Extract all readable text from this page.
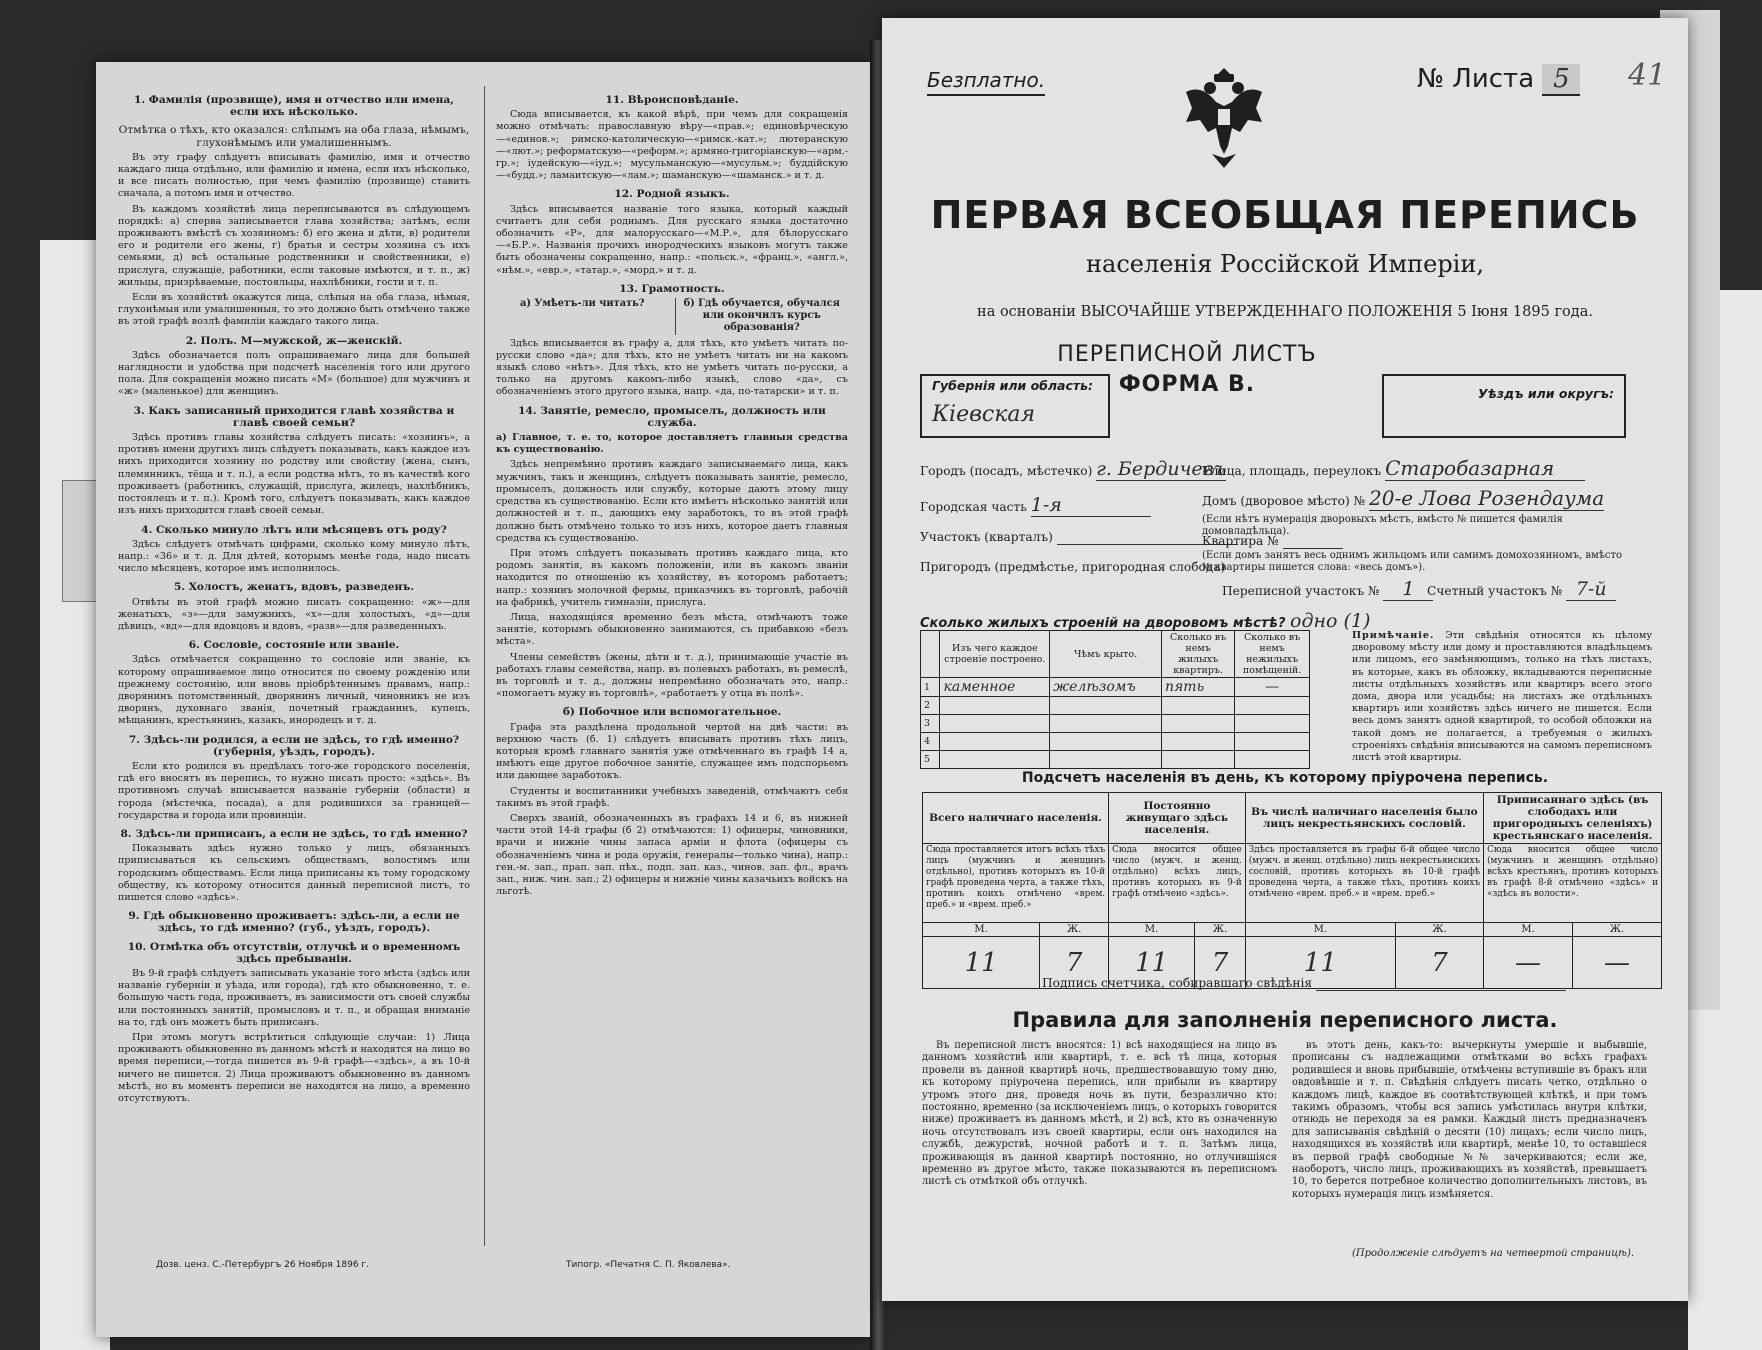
1. Фамилія (прозвище), имя и отчество или имена, если ихъ нѣсколько.
Отмѣтка о тѣхъ, кто оказался: слѣпымъ на оба глаза, нѣмымъ, глухонѣмымъ или умалишеннымъ.

Въ эту графу слѣдуетъ вписывать фамилію, имя и отчество каждаго лица отдѣльно, или фамилію и имена, если ихъ нѣсколько, и все писать полностью, при чемъ фамилію (прозвище) ставить сначала, а потомъ имя и отчество.

Въ каждомъ хозяйствѣ лица переписываются въ слѣдующемъ порядкѣ: а) сперва записывается глава хозяйства; затѣмъ, если проживаютъ вмѣстѣ съ хозяиномъ: б) его жена и дѣти, в) родители его и родители его жены, г) братья и сестры хозяина съ ихъ семьями, д) всѣ остальные родственники и свойственники, е) прислуга, служащіе, работники, если таковые имѣются, и т. п., ж) жильцы, призрѣваемые, постояльцы, нахлѣбники, гости и т. п.

Если въ хозяйствѣ окажутся лица, слѣпыя на оба глаза, нѣмыя, глухонѣмыя или умалишенныя, то это должно быть отмѣчено также въ этой графѣ возлѣ фамиліи каждаго такого лица.

2. Полъ. М—мужской, ж—женскій.

Здѣсь обозначается полъ опрашиваемаго лица для большей наглядности и удобства при подсчетѣ населенія того или другого пола. Для сокращенія можно писать «М» (большое) для мужчинъ и «ж» (маленькое) для женщинъ.

3. Какъ записанный приходится главѣ хозяйства и главѣ своей семьи?

Здѣсь противъ главы хозяйства слѣдуетъ писать: «хозяинъ», а противъ имени другихъ лицъ слѣдуетъ показывать, какъ каждое изъ нихъ приходится хозяину по родству или свойству (жена, сынъ, племянникъ, тёща и т. п.), а если родства нѣтъ, то въ качествѣ кого проживаетъ (работникъ, служащій, прислуга, жилецъ, нахлѣбникъ, постоялецъ и т. п.). Кромѣ того, слѣдуетъ показывать, какъ каждое изъ нихъ приходится главѣ своей семьи.

4. Сколько минуло лѣтъ или мѣсяцевъ отъ роду?

Здѣсь слѣдуетъ отмѣчать цифрами, сколько кому минуло лѣтъ, напр.: «36» и т. д. Для дѣтей, которымъ менѣе года, надо писать число мѣсяцевъ, которое имъ исполнилось.

5. Холостъ, женатъ, вдовъ, разведенъ.

Отвѣты въ этой графѣ можно писать сокращенно: «ж»—для женатыхъ, «з»—для замужнихъ, «х»—для холостыхъ, «д»—для дѣвицъ, «вд»—для вдовцовъ и вдовъ, «разв»—для разведенныхъ.

6. Сословіе, состояніе или званіе.

Здѣсь отмѣчается сокращенно то сословіе или званіе, къ которому опрашиваемое лицо относится по своему рожденію или прежнему состоянію, или вновь пріобрѣтеннымъ правамъ, напр.: дворянинъ потомственный, дворянинъ личный, чиновникъ не изъ дворянъ, духовнаго званія, почетный гражданинъ, купецъ, мѣщанинъ, крестьянинъ, казакъ, инородецъ и т. д.

7. Здѣсь-ли родился, а если не здѣсь, то гдѣ именно? (губернія, уѣздъ, городъ).

Если кто родился въ предѣлахъ того-же городского поселенія, гдѣ его вносятъ въ перепись, то нужно писать просто: «здѣсь». Въ противномъ случаѣ вписывается названіе губерніи (области) и города (мѣстечка, посада), а для родившихся за границей—государства и города или провинціи.

8. Здѣсь-ли приписанъ, а если не здѣсь, то гдѣ именно?

Показывать здѣсь нужно только у лицъ, обязанныхъ приписываться къ сельскимъ обществамъ, волостямъ или городскимъ обществамъ. Если лица приписаны къ тому городскому обществу, къ которому относится данный переписной листъ, то пишется слово «здѣсь».

9. Гдѣ обыкновенно проживаетъ: здѣсь-ли, а если не здѣсь, то гдѣ именно? (губ., уѣздъ, городъ).
10. Отмѣтка объ отсутствіи, отлучкѣ и о временномъ здѣсь пребываніи.

Въ 9-й графѣ слѣдуетъ записывать указаніе того мѣста (здѣсь или названіе губерніи и уѣзда, или города), гдѣ кто обыкновенно, т. е. большую часть года, проживаетъ, въ зависимости отъ своей службы или постоянныхъ занятій, промысловъ и т. п., и обращая вниманіе на то, гдѣ онъ можетъ быть приписанъ.

При этомъ могутъ встрѣтиться слѣдующіе случаи: 1) Лица проживаютъ обыкновенно въ данномъ мѣстѣ и находятся на лицо во время переписи,—тогда пишется въ 9-й графѣ—«здѣсь», а въ 10-й ничего не пишется. 2) Лица проживаютъ обыкновенно въ данномъ мѣстѣ, но въ моментъ переписи не находятся на лицо, а временно отсутствуютъ.

11. Вѣроисповѣданіе.

Сюда вписывается, къ какой вѣрѣ, при чемъ для сокращенія можно отмѣчать: православную вѣру—«прав.»; единовѣрческую—«единов.»; римско-католическую—«римск.-кат.»; лютеранскую—«лют.»; реформатскую—«реформ.»; армяно-григоріанскую—«арм.-гр.»; іудейскую—«іуд.»; мусульманскую—«мусульм.»; буддійскую—«будд.»; ламаитскую—«лам.»; шаманскую—«шаманск.» и т. д.

12. Родной языкъ.

Здѣсь вписывается названіе того языка, который каждый считаетъ для себя роднымъ. Для русскаго языка достаточно обозначить «Р», для малорусскаго—«М.Р.», для бѣлорусскаго—«Б.Р.». Названія прочихъ инородческихъ языковъ могутъ также быть обозначены сокращенно, напр.: «польск.», «франц.», «англ.», «нѣм.», «евр.», «татар.», «морд.» и т. д.

13. Грамотность.
а) Умѣетъ-ли читать?	б) Гдѣ обучается, обучался или окончилъ курсъ образованія?

Здѣсь вписывается въ графу а, для тѣхъ, кто умѣетъ читать по-русски слово «да»; для тѣхъ, кто не умѣетъ читать ни на какомъ языкѣ слово «нѣтъ». Для тѣхъ, кто не умѣетъ читать по-русски, а только на другомъ какомъ-либо языкѣ, слово «да», съ обозначеніемъ этого другого языка, напр. «да, по-татарски» и т. п.

14. Занятіе, ремесло, промыселъ, должность или служба.

а) Главное, т. е. то, которое доставляетъ главныя средства къ существованію.

Здѣсь непремѣнно противъ каждаго записываемаго лица, какъ мужчинъ, такъ и женщинъ, слѣдуетъ показывать занятіе, ремесло, промыселъ, должность или службу, которые даютъ этому лицу средства къ существованію. Если кто имѣетъ нѣсколько занятій или должностей и т. п., дающихъ ему заработокъ, то въ этой графѣ должно быть отмѣчено только то изъ нихъ, которое даетъ главныя средства къ существованію.

При этомъ слѣдуетъ показывать противъ каждаго лица, кто родомъ занятія, въ какомъ положеніи, или въ какомъ званіи находится по отношенію къ хозяйству, въ которомъ работаетъ; напр.: хозяинъ молочной фермы, приказчикъ въ торговлѣ, рабочій на фабрикѣ, учитель гимназіи, прислуга.

Лица, находящіяся временно безъ мѣста, отмѣчаютъ тоже занятіе, которымъ обыкновенно занимаются, съ прибавкою «безъ мѣста».

Члены семействъ (жены, дѣти и т. д.), принимающіе участіе въ работахъ главы семейства, напр. въ полевыхъ работахъ, въ ремеслѣ, въ торговлѣ и т. д., должны непремѣнно обозначать это, напр.: «помогаетъ мужу въ торговлѣ», «работаетъ у отца въ полѣ».

б) Побочное или вспомогательное.

Графа эта раздѣлена продольной чертой на двѣ части: въ верхнюю часть (б. 1) слѣдуетъ вписывать противъ тѣхъ лицъ, которыя кромѣ главнаго занятія уже отмѣченнаго въ графѣ 14 а, имѣютъ еще другое побочное занятіе, служащее имъ подспорьемъ или дающее заработокъ.

Студенты и воспитанники учебныхъ заведеній, отмѣчаютъ себя такимъ въ этой графѣ.

Сверхъ званій, обозначенныхъ въ графахъ 14 и 6, въ нижней части этой 14-й графы (б 2) отмѣчаются: 1) офицеры, чиновники, врачи и нижніе чины запаса арміи и флота (офицеры съ обозначеніемъ чина и рода оружія, генералы—только чина), напр.: ген.-м. зап., прап. зап. пѣх., подп. зап. каз., чинов. зап. фл., врачъ зап., ниж. чин. зап.; 2) офицеры и нижніе чины казачьихъ войскъ на льготѣ.

Дозв. ценз. С.-Петербургъ 26 Ноября 1896 г.	Типогр. «Печатня С. П. Яковлева».
Безплатно.	№ Листа 5	41
ПЕРВАЯ ВСЕОБЩАЯ ПЕРЕПИСЬ
населенія Россійской Имперіи,
на основаніи ВЫСОЧАЙШЕ УТВЕРЖДЕННАГО ПОЛОЖЕНІЯ 5 Іюня 1895 года.
Губернія или область:
Кіевская
ПЕРЕПИСНОЙ ЛИСТЪ
ФОРМА В.	Уѣздъ или округъ:
Городъ (посадъ, мѣстечко) г. Бердичевъ
Улица, площадь, переулокъ Старобазарная
Городская часть 1-я	Домъ (дворовое мѣсто) № 20-е Лова Розендаума
(Если нѣтъ нумерація дворовыхъ мѣстъ, вмѣсто № пишется фамилія домовладѣльца).
Участокъ (кварталъ)	Квартира №
(Если домъ занятъ весь однимъ жильцомъ или самимъ домохозяиномъ, вмѣсто № квартиры пишется слова: «весь домъ»).
Пригородъ (предмѣстье, пригородная слобода)
Переписной участокъ № 1	Счетный участокъ № 7-й
Сколько жилыхъ строеній на дворовомъ мѣстѣ? одно (1)
	Изъ чего каждое строеніе построено.	Чѣмъ крыто.	Сколько въ немъ жилыхъ квартиръ.	Сколько въ немъ нежилыхъ помѣщеній.
1	каменное	желѣзомъ	пять	—
2				
3				
4				
5				
Примѣчаніе. Эти свѣдѣнія относятся къ цѣлому дворовому мѣсту или дому и проставляются владѣльцемъ или лицомъ, его замѣняющимъ, только на тѣхъ листахъ, въ которые, какъ въ обложку, вкладываются переписные листы отдѣльныхъ хозяйствъ или квартиръ всего этого дома, двора или усадьбы; на листахъ же отдѣльныхъ квартиръ или хозяйствъ здѣсь ничего не пишется. Если весь домъ занятъ одной квартирой, то особой обложки на такой домъ не полагается, а требуемыя о жилыхъ строеніяхъ свѣдѣнія вписываются на самомъ переписномъ листѣ этой квартиры.
Подсчетъ населенія въ день, къ которому пріурочена перепись.
Всего наличнаго населенія.		Постоянно живущаго здѣсь населенія.		Въ числѣ наличнаго населенія было лицъ некрестьянскихъ сословій.		Приписаннаго здѣсь (въ слободахъ или пригородныхъ селеніяхъ) крестьянскаго населенія.	
Сюда проставляется итогъ всѣхъ тѣхъ лицъ (мужчинъ и женщинъ отдѣльно), противъ которыхъ въ 10-й графѣ проведена черта, а также тѣхъ, противъ коихъ отмѣчено «врем. преб.» и «врем. преб.»		Сюда вносится общее число (мужч. и женщ. отдѣльно) всѣхъ лицъ, противъ которыхъ въ 9-й графѣ отмѣчено «здѣсь».		Здѣсь проставляется въ графы 6-й общее число (мужч. и женщ. отдѣльно) лицъ некрестьянскихъ сословій, противъ которыхъ въ 10-й графѣ проведена черта, а также тѣхъ, противъ коихъ отмѣчено «врем. преб.» и «врем. преб.»		Сюда вносится общее число (мужчинъ и женщинъ отдѣльно) всѣхъ крестьянъ, противъ которыхъ въ графѣ 8-й отмѣчено «здѣсь» и «здѣсь въ волости».	
М.	Ж.	М.	Ж.	М.	Ж.	М.	Ж.
11	7	11	7	11	7	—	—
Подпись счетчика, собиравшаго свѣдѣнія
Правила для заполненія переписного листа.

Въ переписной листъ вносятся: 1) всѣ находящіеся на лицо въ данномъ хозяйствѣ или квартирѣ, т. е. всѣ тѣ лица, которыя провели въ данной квартирѣ ночь, предшествовавшую тому дню, къ которому пріурочена перепись, или прибыли въ квартиру утромъ этого дня, проведя ночь въ пути, безразлично кто: постоянно, временно (за исключеніемъ лицъ, о которыхъ говорится ниже) проживаетъ въ данномъ мѣстѣ, и 2) всѣ, кто въ означенную ночь отсутствовалъ изъ своей квартиры, если онъ находился на службѣ, дежурствѣ, ночной работѣ и т. п. Затѣмъ лица, проживающія въ данной квартирѣ постоянно, но отлучившіяся временно въ другое мѣсто, также показываются въ переписномъ листѣ съ отмѣткой объ отлучкѣ.

въ этотъ день, какъ-то: вычеркнуты умершіе и выбывшіе, прописаны съ надлежащими отмѣтками во всѣхъ графахъ родившіеся и вновь прибывшіе, отмѣчены вступившіе въ бракъ или овдовѣвшіе и т. п. Свѣдѣнія слѣдуетъ писать четко, отдѣльно о каждомъ лицѣ, каждое въ соотвѣтствующей клѣткѣ, и при томъ такимъ образомъ, чтобы вся запись умѣстилась внутри клѣтки, отнюдь не переходя за ея рамки. Каждый листъ предназначенъ для записыванія свѣдѣній о десяти (10) лицахъ; если число лицъ, находящихся въ хозяйствѣ или квартирѣ, менѣе 10, то оставшіеся въ первой графѣ свободные №№ зачеркиваются; если же, наоборотъ, число лицъ, проживающихъ въ хозяйствѣ, превышаетъ 10, то берется потребное количество дополнительныхъ листовъ, въ которыхъ нумерація лицъ измѣняется.

(Продолженіе слѣдуетъ на четвертой страницѣ).
